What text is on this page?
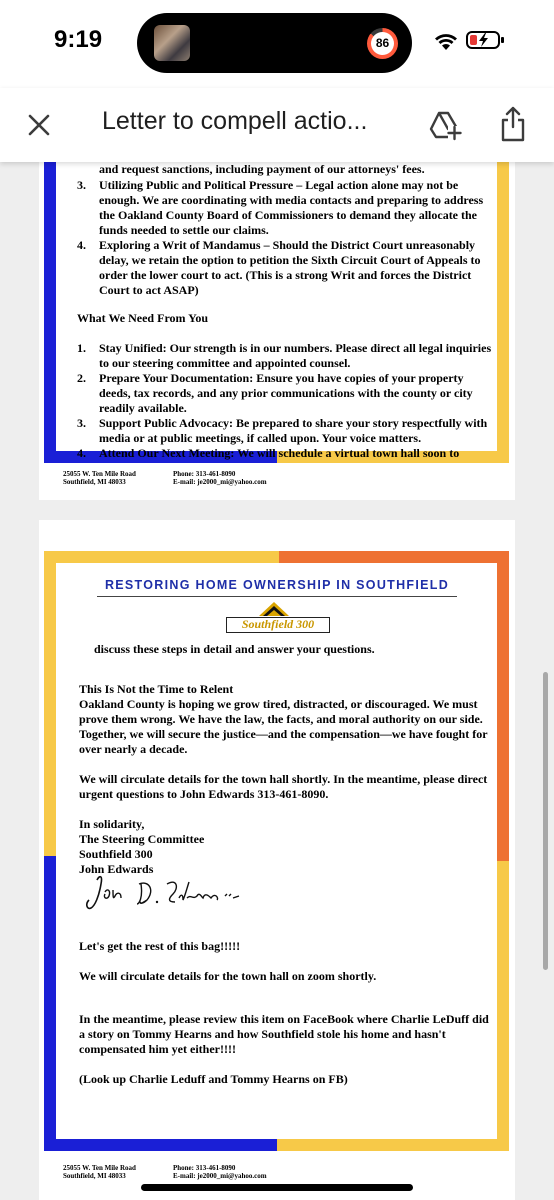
9:19	86
Letter to compell actio...
and request sanctions, including payment of our attorneys' fees.
3.	Utilizing Public and Political Pressure – Legal action alone may not be enough. We are coordinating with media contacts and preparing to address the Oakland County Board of Commissioners to demand they allocate the funds needed to settle our claims.
4.	Exploring a Writ of Mandamus – Should the District Court unreasonably delay, we retain the option to petition the Sixth Circuit Court of Appeals to order the lower court to act. (This is a strong Writ and forces the District Court to act ASAP)
What We Need From You
1.	Stay Unified: Our strength is in our numbers. Please direct all legal inquiries to our steering committee and appointed counsel.
2.	Prepare Your Documentation: Ensure you have copies of your property deeds, tax records, and any prior communications with the county or city readily available.
3.	Support Public Advocacy: Be prepared to share your story respectfully with media or at public meetings, if called upon. Your voice matters.
4.	Attend Our Next Meeting: We will schedule a virtual town hall soon to
25055 W. Ten Mile Road
Southfield, MI 48033
Phone: 313-461-8090
E-mail: je2000_mi@yahoo.com
RESTORING HOME OWNERSHIP IN SOUTHFIELD
Southfield 300

discuss these steps in detail and answer your questions.

This Is Not the Time to Relent

Oakland County is hoping we grow tired, distracted, or discouraged. We must prove them wrong. We have the law, the facts, and moral authority on our side. Together, we will secure the justice—and the compensation—we have fought for over nearly a decade.

We will circulate details for the town hall shortly. In the meantime, please direct urgent questions to John Edwards 313-461-8090.

In solidarity,

The Steering Committee

Southfield 300

John Edwards

Let's get the rest of this bag!!!!!

We will circulate details for the town hall on zoom shortly.

In the meantime, please review this item on FaceBook where Charlie LeDuff did a story on Tommy Hearns and how Southfield stole his home and hasn't compensated him yet either!!!!

(Look up Charlie Leduff and Tommy Hearns on FB)

25055 W. Ten Mile Road
Southfield, MI 48033
Phone: 313-461-8090
E-mail: je2000_mi@yahoo.com
